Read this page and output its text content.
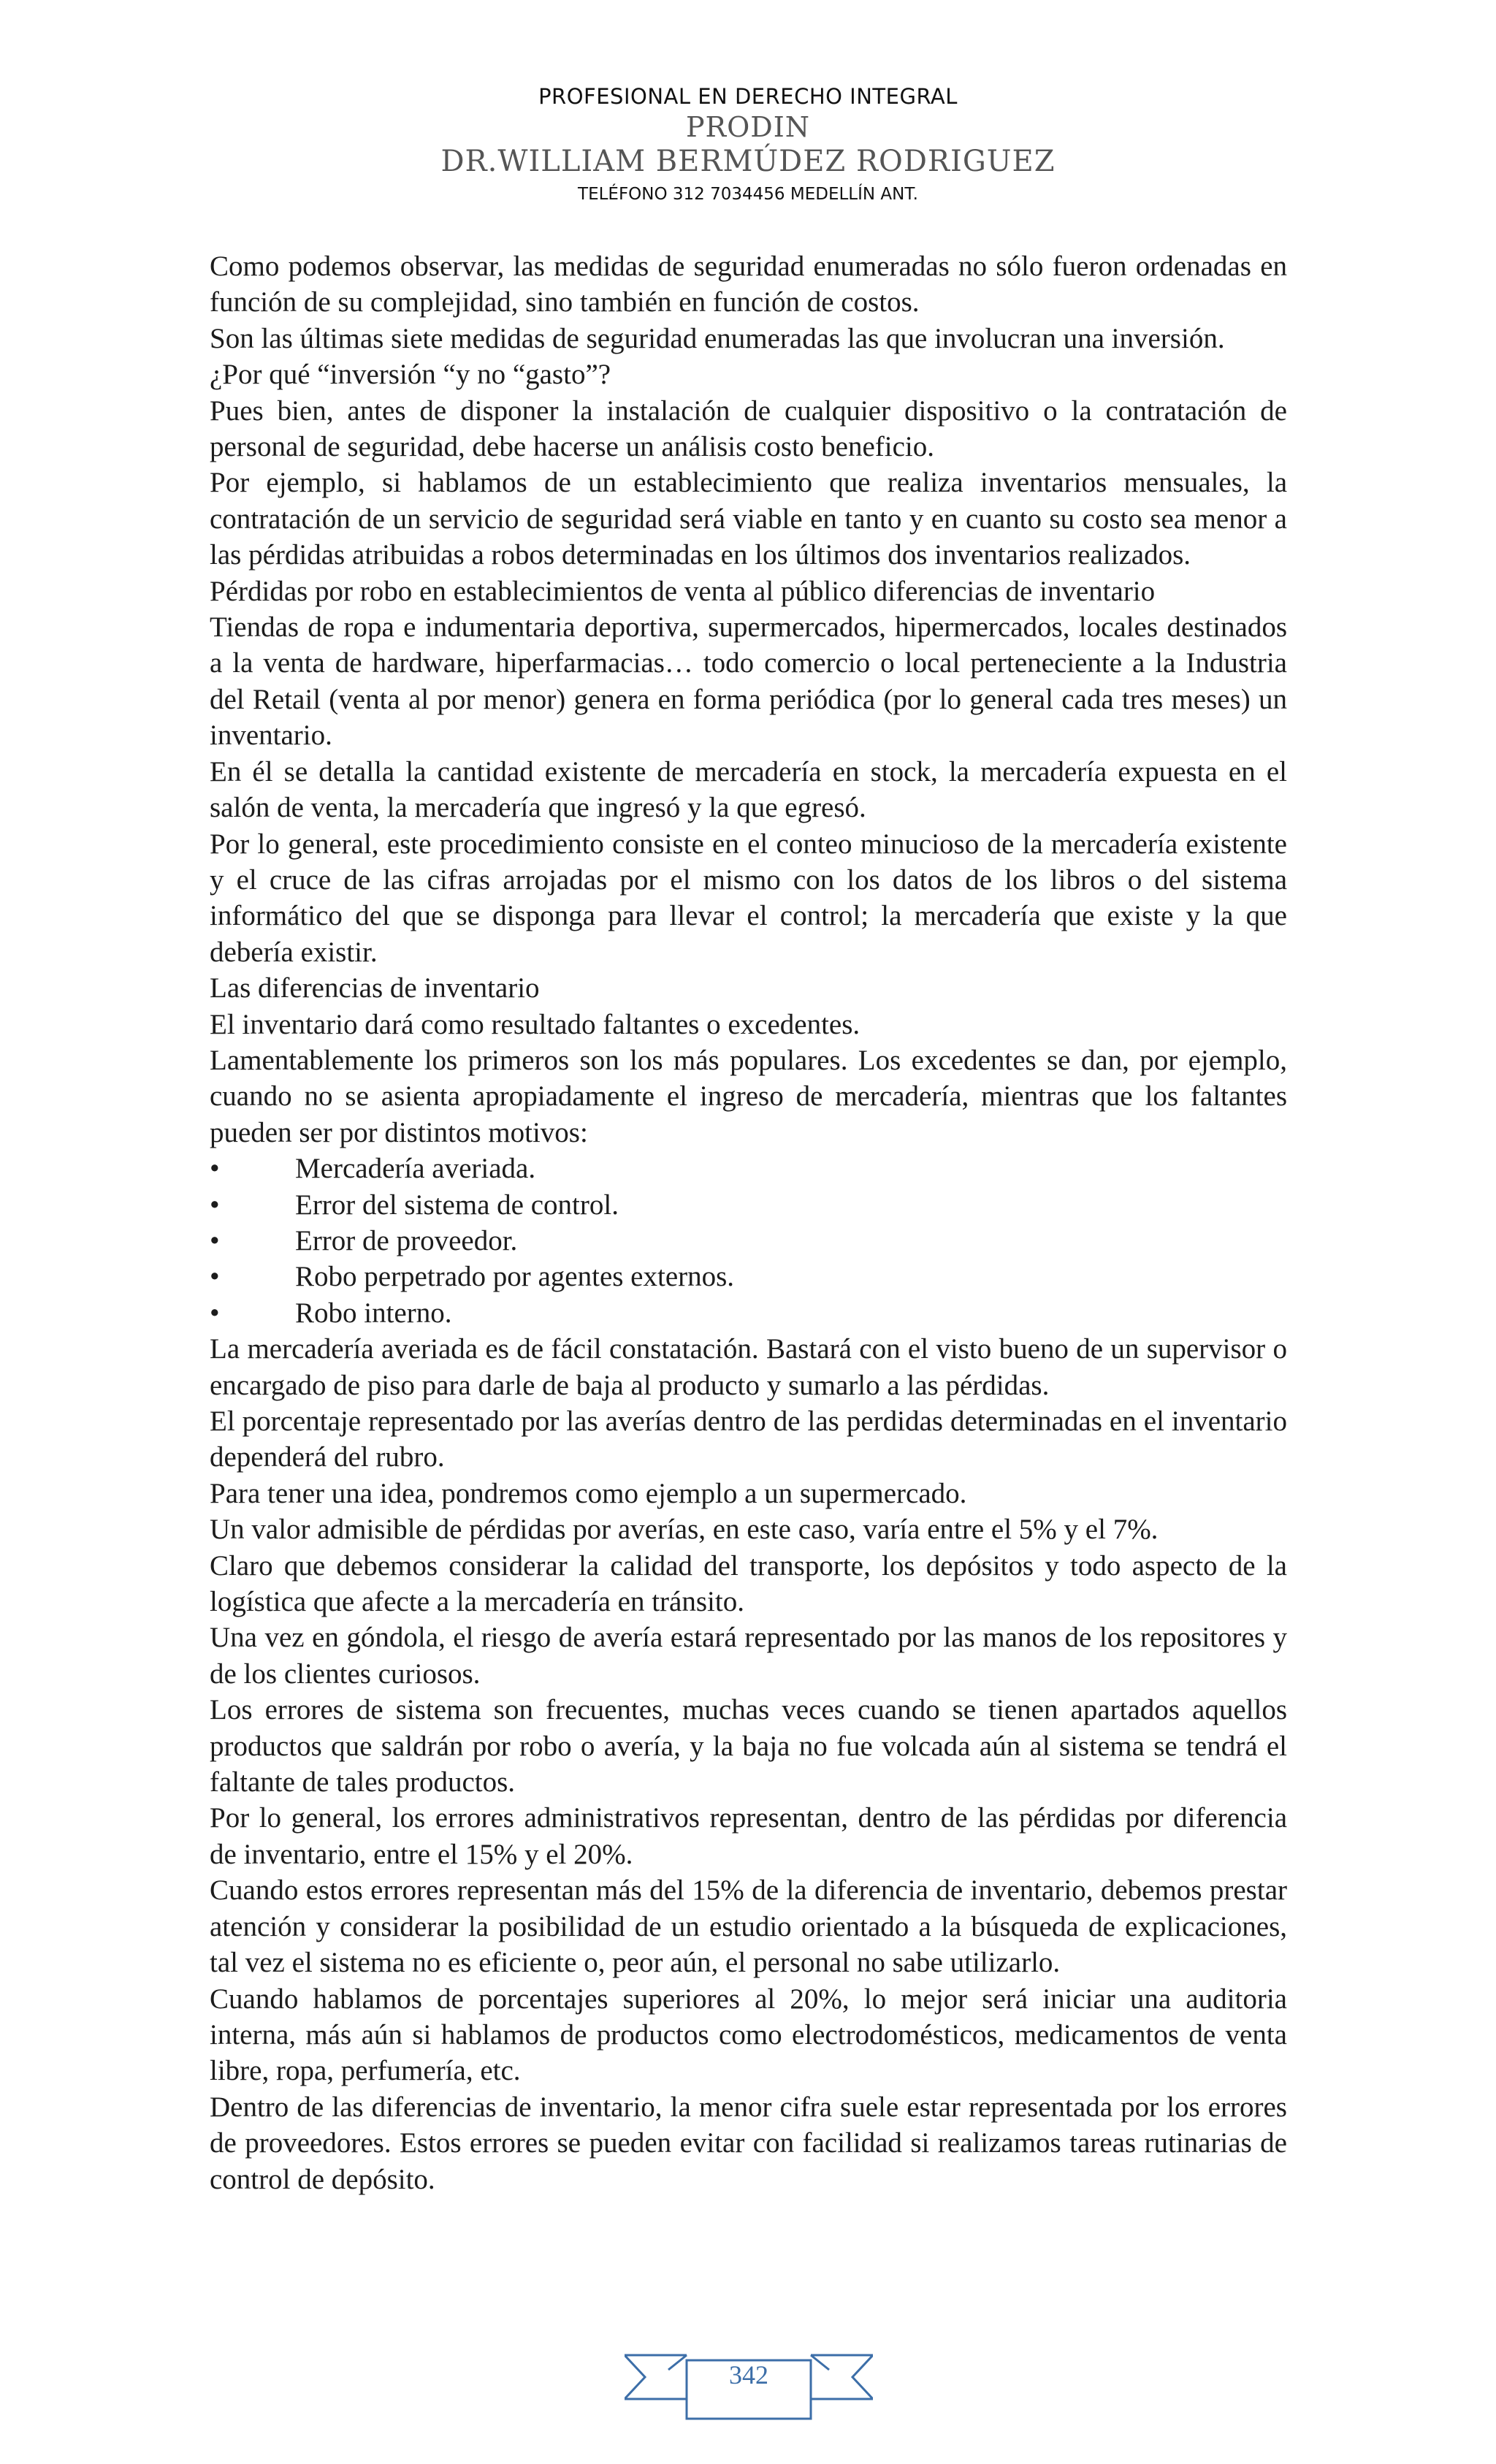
PROFESIONAL EN DERECHO INTEGRAL
PRODIN
DR.WILLIAM BERMÚDEZ RODRIGUEZ
TELÉFONO 312 7034456 MEDELLÍN ANT.

Como podemos observar, las medidas de seguridad enumeradas no sólo fueron ordenadas en función de su complejidad, sino también en función de costos.

Son las últimas siete medidas de seguridad enumeradas las que involucran una inversión.

¿Por qué “inversión “y no “gasto”?

Pues bien, antes de disponer la instalación de cualquier dispositivo o la contratación de personal de seguridad, debe hacerse un análisis costo beneficio.

Por ejemplo, si hablamos de un establecimiento que realiza inventarios mensuales, la contratación de un servicio de seguridad será viable en tanto y en cuanto su costo sea menor a las pérdidas atribuidas a robos determinadas en los últimos dos inventarios realizados.

Pérdidas por robo en establecimientos de venta al público diferencias de inventario

Tiendas de ropa e indumentaria deportiva, supermercados, hipermercados, locales destinados a la venta de hardware, hiperfarmacias… todo comercio o local perteneciente a la Industria del Retail (venta al por menor) genera en forma periódica (por lo general cada tres meses) un inventario.

En él se detalla la cantidad existente de mercadería en stock, la mercadería expuesta en el salón de venta, la mercadería que ingresó y la que egresó.

Por lo general, este procedimiento consiste en el conteo minucioso de la mercadería existente y el cruce de las cifras arrojadas por el mismo con los datos de los libros o del sistema informático del que se disponga para llevar el control; la mercadería que existe y la que debería existir.

Las diferencias de inventario

El inventario dará como resultado faltantes o excedentes.

Lamentablemente los primeros son los más populares. Los excedentes se dan, por ejemplo, cuando no se asienta apropiadamente el ingreso de mercadería, mientras que los faltantes pueden ser por distintos motivos:

•	Mercadería averiada.
•	Error del sistema de control.
•	Error de proveedor.
•	Robo perpetrado por agentes externos.
•	Robo interno.

La mercadería averiada es de fácil constatación. Bastará con el visto bueno de un supervisor o encargado de piso para darle de baja al producto y sumarlo a las pérdidas.

El porcentaje representado por las averías dentro de las perdidas determinadas en el inventario dependerá del rubro.

Para tener una idea, pondremos como ejemplo a un supermercado.

Un valor admisible de pérdidas por averías, en este caso, varía entre el 5% y el 7%.

Claro que debemos considerar la calidad del transporte, los depósitos y todo aspecto de la logística que afecte a la mercadería en tránsito.

Una vez en góndola, el riesgo de avería estará representado por las manos de los repositores y de los clientes curiosos.

Los errores de sistema son frecuentes, muchas veces cuando se tienen apartados aquellos productos que saldrán por robo o avería, y la baja no fue volcada aún al sistema se tendrá el faltante de tales productos.

Por lo general, los errores administrativos representan, dentro de las pérdidas por diferencia de inventario, entre el 15% y el 20%.

Cuando estos errores representan más del 15% de la diferencia de inventario, debemos prestar atención y considerar la posibilidad de un estudio orientado a la búsqueda de explicaciones, tal vez el sistema no es eficiente o, peor aún, el personal no sabe utilizarlo.

Cuando hablamos de porcentajes superiores al 20%, lo mejor será iniciar una auditoria interna, más aún si hablamos de productos como electrodomésticos, medicamentos de venta libre, ropa, perfumería, etc.

Dentro de las diferencias de inventario, la menor cifra suele estar representada por los errores de proveedores. Estos errores se pueden evitar con facilidad si realizamos tareas rutinarias de control de depósito.

342
